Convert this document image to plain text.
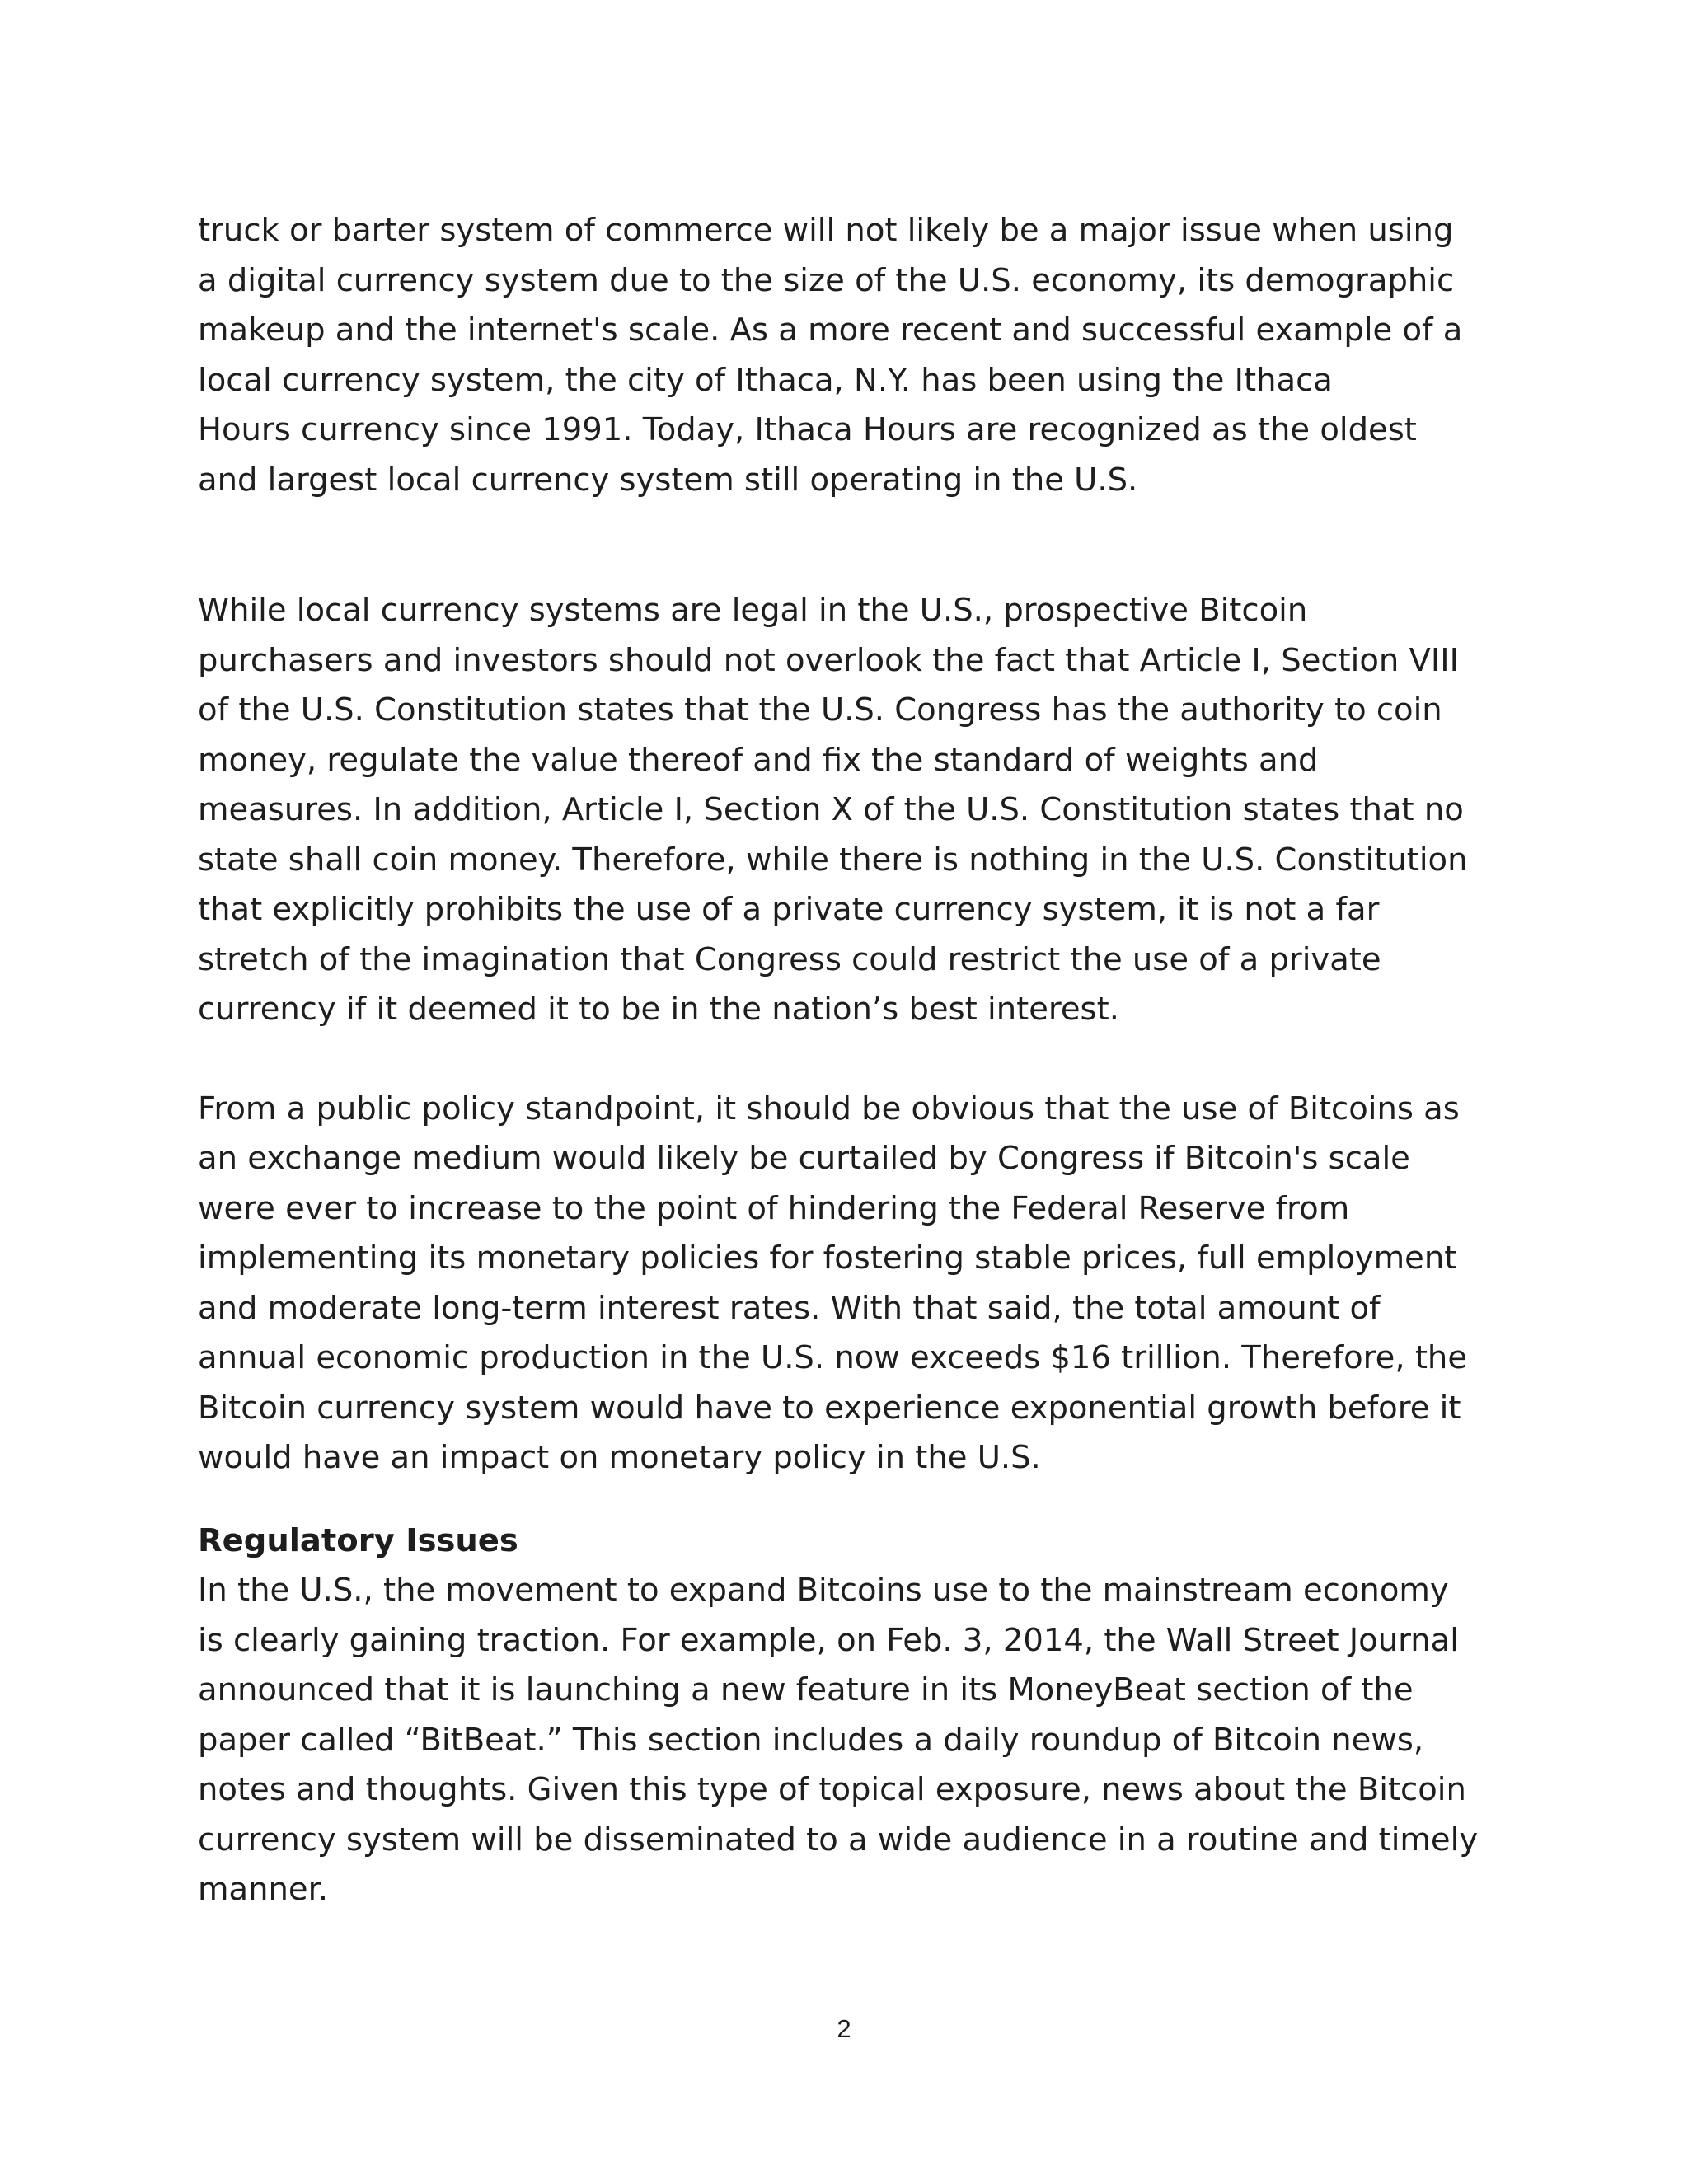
truck or barter system of commerce will not likely be a major issue when using
a digital currency system due to the size of the U.S. economy, its demographic
makeup and the internet's scale. As a more recent and successful example of a
local currency system, the city of Ithaca, N.Y. has been using the Ithaca
Hours currency since 1991. Today, Ithaca Hours are recognized as the oldest
and largest local currency system still operating in the U.S.

While local currency systems are legal in the U.S., prospective Bitcoin
purchasers and investors should not overlook the fact that Article I, Section VIII
of the U.S. Constitution states that the U.S. Congress has the authority to coin
money, regulate the value thereof and fix the standard of weights and
measures. In addition, Article I, Section X of the U.S. Constitution states that no
state shall coin money. Therefore, while there is nothing in the U.S. Constitution
that explicitly prohibits the use of a private currency system, it is not a far
stretch of the imagination that Congress could restrict the use of a private
currency if it deemed it to be in the nation’s best interest.

From a public policy standpoint, it should be obvious that the use of Bitcoins as
an exchange medium would likely be curtailed by Congress if Bitcoin's scale
were ever to increase to the point of hindering the Federal Reserve from
implementing its monetary policies for fostering stable prices, full employment
and moderate long-term interest rates. With that said, the total amount of
annual economic production in the U.S. now exceeds $16 trillion. Therefore, the
Bitcoin currency system would have to experience exponential growth before it
would have an impact on monetary policy in the U.S.

Regulatory Issues
In the U.S., the movement to expand Bitcoins use to the mainstream economy
is clearly gaining traction. For example, on Feb. 3, 2014, the Wall Street Journal
announced that it is launching a new feature in its MoneyBeat section of the
paper called “BitBeat.” This section includes a daily roundup of Bitcoin news,
notes and thoughts. Given this type of topical exposure, news about the Bitcoin
currency system will be disseminated to a wide audience in a routine and timely
manner.

2
